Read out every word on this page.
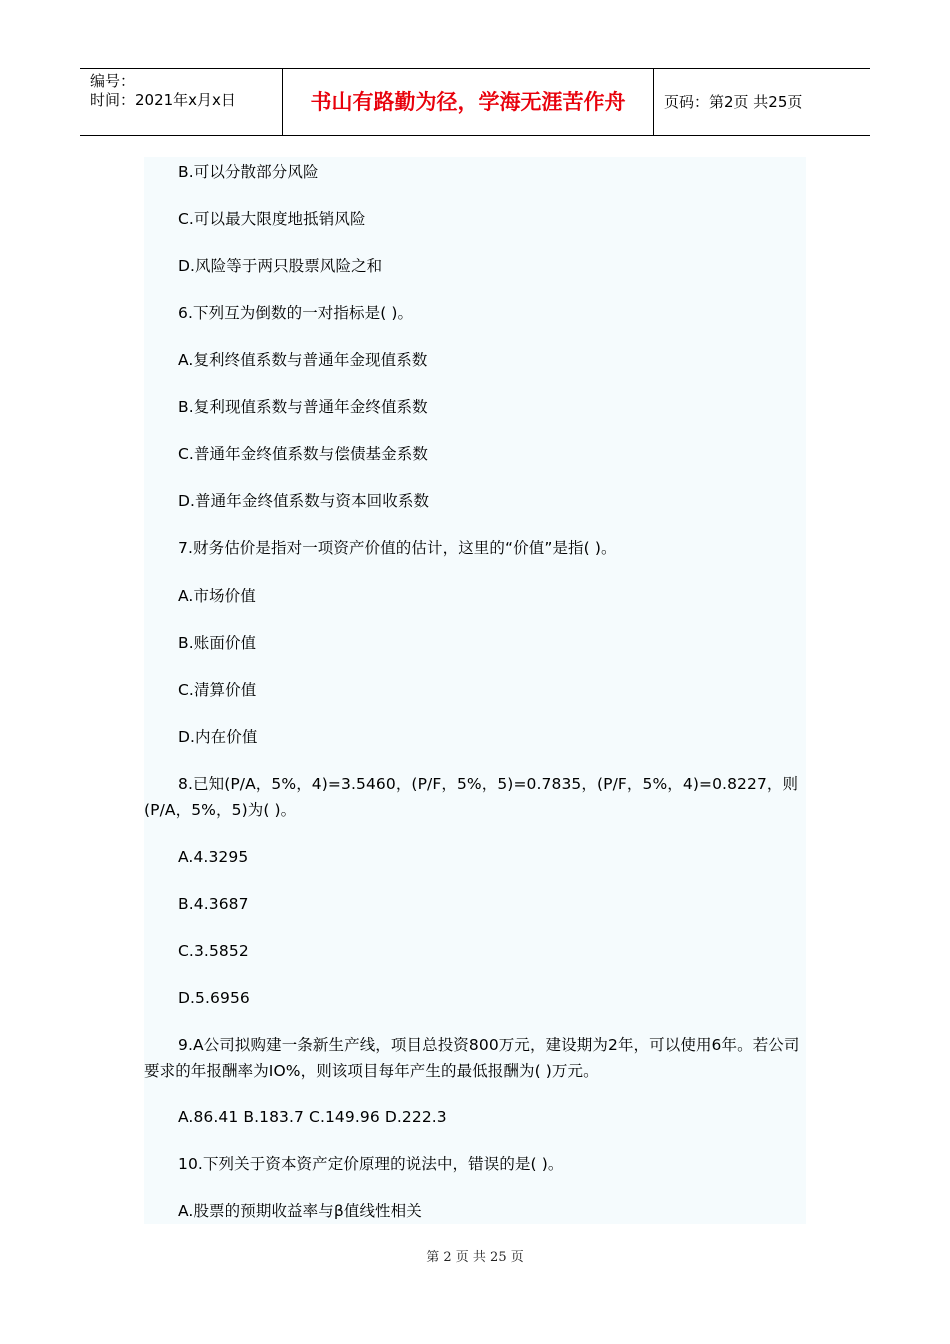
编号：
时间：2021年x月x日	书山有路勤为径，学海无涯苦作舟	页码：第2页 共25页
B.可以分散部分风险
C.可以最大限度地抵销风险
D.风险等于两只股票风险之和
6.下列互为倒数的一对指标是( )。
A.复利终值系数与普通年金现值系数
B.复利现值系数与普通年金终值系数
C.普通年金终值系数与偿债基金系数
D.普通年金终值系数与资本回收系数
7.财务估价是指对一项资产价值的估计，这里的“价值”是指( )。
A.市场价值
B.账面价值
C.清算价值
D.内在价值
8.已知(P/A，5%，4)=3.5460，(P/F，5%，5)=0.7835，(P/F，5%，4)=0.8227，则(P/A，5%，5)为( )。
A.4.3295
B.4.3687
C.3.5852
D.5.6956
9.A公司拟购建一条新生产线，项目总投资800万元，建设期为2年，可以使用6年。若公司要求的年报酬率为IO%，则该项目每年产生的最低报酬为( )万元。
A.86.41 B.183.7 C.149.96 D.222.3
10.下列关于资本资产定价原理的说法中，错误的是( )。
A.股票的预期收益率与β值线性相关
第 2 页 共 25 页
